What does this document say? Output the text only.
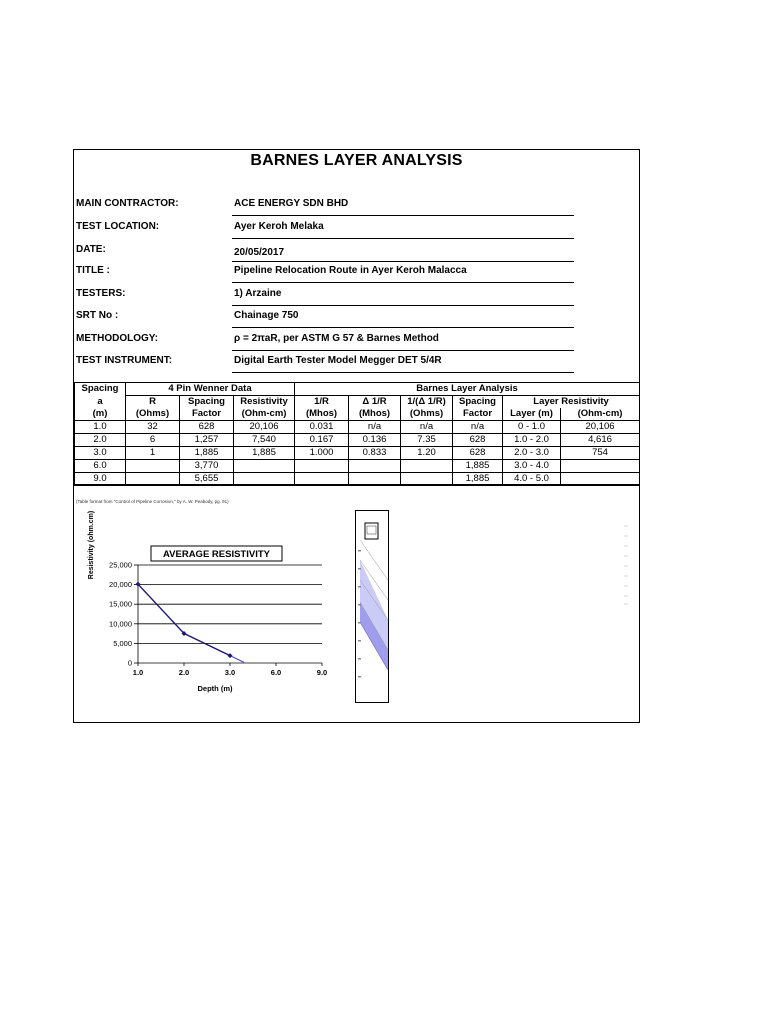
BARNES LAYER ANALYSIS
MAIN CONTRACTOR:	ACE ENERGY SDN BHD
TEST LOCATION:	Ayer Keroh Melaka
DATE:	20/05/2017
TITLE :	Pipeline Relocation Route in Ayer Keroh Malacca
TESTERS:	1) Arzaine
SRT No :	Chainage 750
METHODOLOGY:	ρ = 2πaR, per ASTM G 57 & Barnes Method
TEST INSTRUMENT:	Digital Earth Tester Model Megger DET 5/4R
Spacing	4 Pin Wenner Data			Barnes Layer Analysis					
a	R	Spacing	Resistivity	1/R	Δ 1/R	1/(Δ 1/R)	Spacing	Layer Resistivity	
(m)	(Ohms)	Factor	(Ohm-cm)	(Mhos)	(Mhos)	(Ohms)	Factor	Layer (m)	(Ohm-cm)
1.0	32	628	20,106	0.031	n/a	n/a	n/a	0 - 1.0	20,106
2.0	6	1,257	7,540	0.167	0.136	7.35	628	1.0 - 2.0	4,616
3.0	1	1,885	1,885	1.000	0.833	1.20	628	2.0 - 3.0	754
6.0		3,770					1,885	3.0 - 4.0	
9.0		5,655					1,885	4.0 - 5.0	
(Table format from "Control of Pipeline Corrosion," by A. W. Peabody, pg. 91)
0
5,000
10,000
15,000
20,000
25,000
1.0	2.0	3.0	6.0	9.0
AVERAGE RESISTIVITY
Depth (m)
Resistivity (ohm.cm)
